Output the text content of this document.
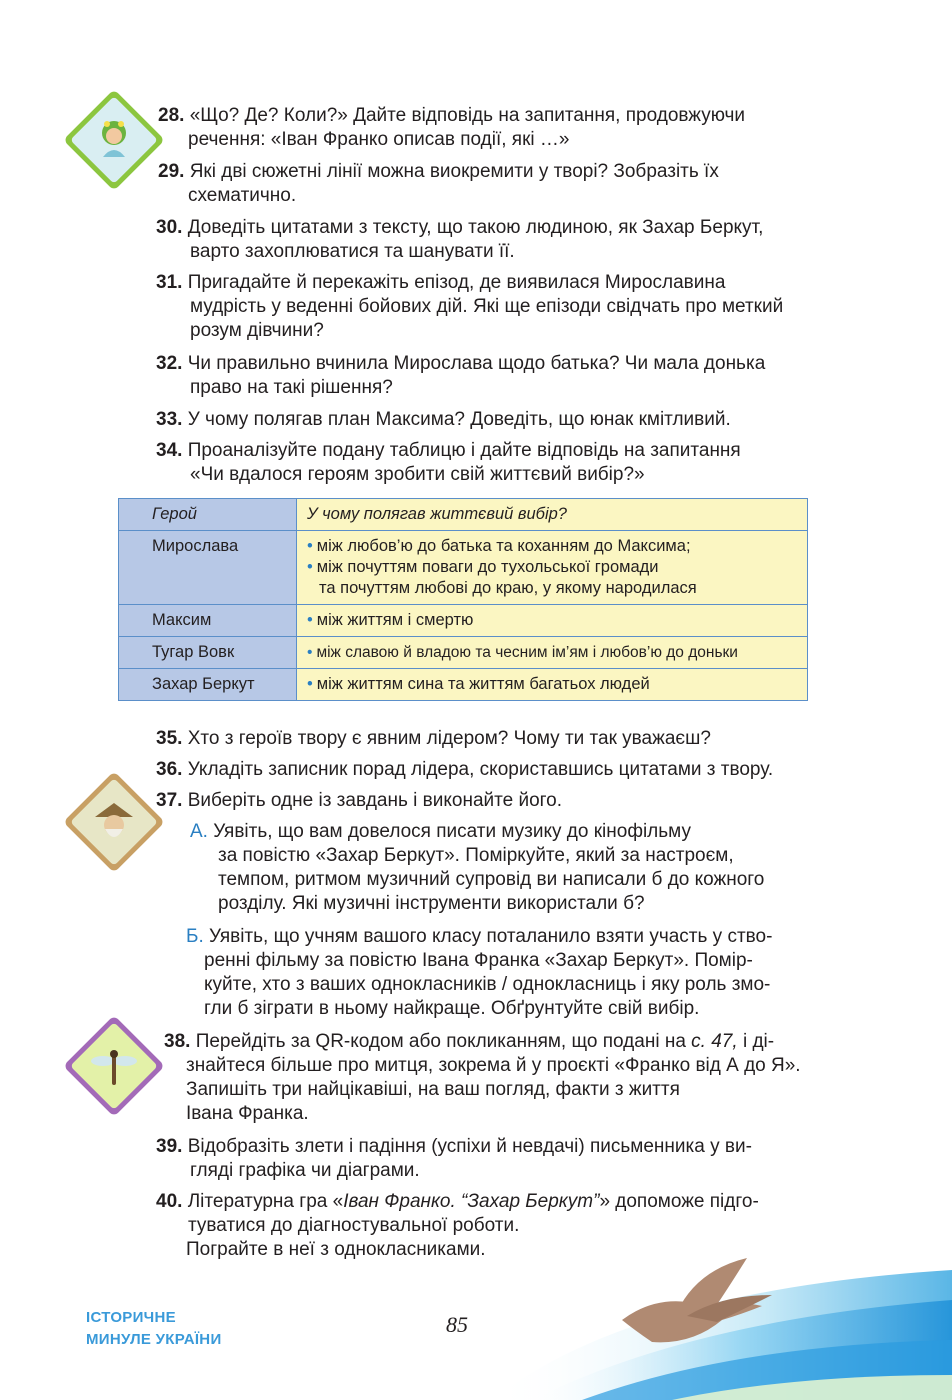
28. «Що? Де? Коли?» Дайте відповідь на запитання, продовжуючи
речення: «Іван Франко описав події, які …»
29. Які дві сюжетні лінії можна виокремити у творі? Зобразіть їх
схематично.
30. Доведіть цитатами з тексту, що такою людиною, як Захар Беркут,
варто захоплюватися та шанувати її.
31. Пригадайте й перекажіть епізод, де виявилася Мирославина
мудрість у веденні бойових дій. Які ще епізоди свідчать про меткий
розум дівчини?
32. Чи правильно вчинила Мирослава щодо батька? Чи мала донька
право на такі рішення?
33. У чому полягав план Максима? Доведіть, що юнак кмітливий.
34. Проаналізуйте подану таблицю і дайте відповідь на запитання
«Чи вдалося героям зробити свій життєвий вибір?»
Герой	У чому полягав життєвий вибір?
Мирослава	• між любов’ю до батька та коханням до Максима;
• між почуттям поваги до тухольської громади
та почуттям любові до краю, у якому народилася

Максим	• між життям і смертю
Тугар Вовк	• між славою й владою та чесним ім’ям і любов’ю до доньки
Захар Беркут	• між життям сина та життям багатьох людей
35. Хто з героїв твору є явним лідером? Чому ти так уважаєш?
36. Укладіть записник порад лідера, скориставшись цитатами з твору.
37. Виберіть одне із завдань і виконайте його.
А. Уявіть, що вам довелося писати музику до кінофільму
за повістю «Захар Беркут». Поміркуйте, який за настроєм,
темпом, ритмом музичний супровід ви написали б до кожного
розділу. Які музичні інструменти використали б?
Б. Уявіть, що учням вашого класу поталанило взяти участь у ство-
ренні фільму за повістю Івана Франка «Захар Беркут». Помір-
куйте, хто з ваших однокласників / однокласниць і яку роль змо-
гли б зіграти в ньому найкраще. Обґрунтуйте свій вибір.
38. Перейдіть за QR-кодом або покликанням, що подані на с. 47, і ді-
знайтеся більше про митця, зокрема й у проєкті «Франко від А до Я».
Запишіть три найцікавіші, на ваш погляд, факти з життя
Івана Франка.
39. Відобразіть злети і падіння (успіхи й невдачі) письменника у ви-
гляді графіка чи діаграми.
40. Літературна гра «Іван Франко. “Захар Беркут”» допоможе підго-
туватися до діагностувальної роботи.
Пограйте в неї з однокласниками.
ІСТОРИЧНЕ
МИНУЛЕ УКРАЇНИ
85
